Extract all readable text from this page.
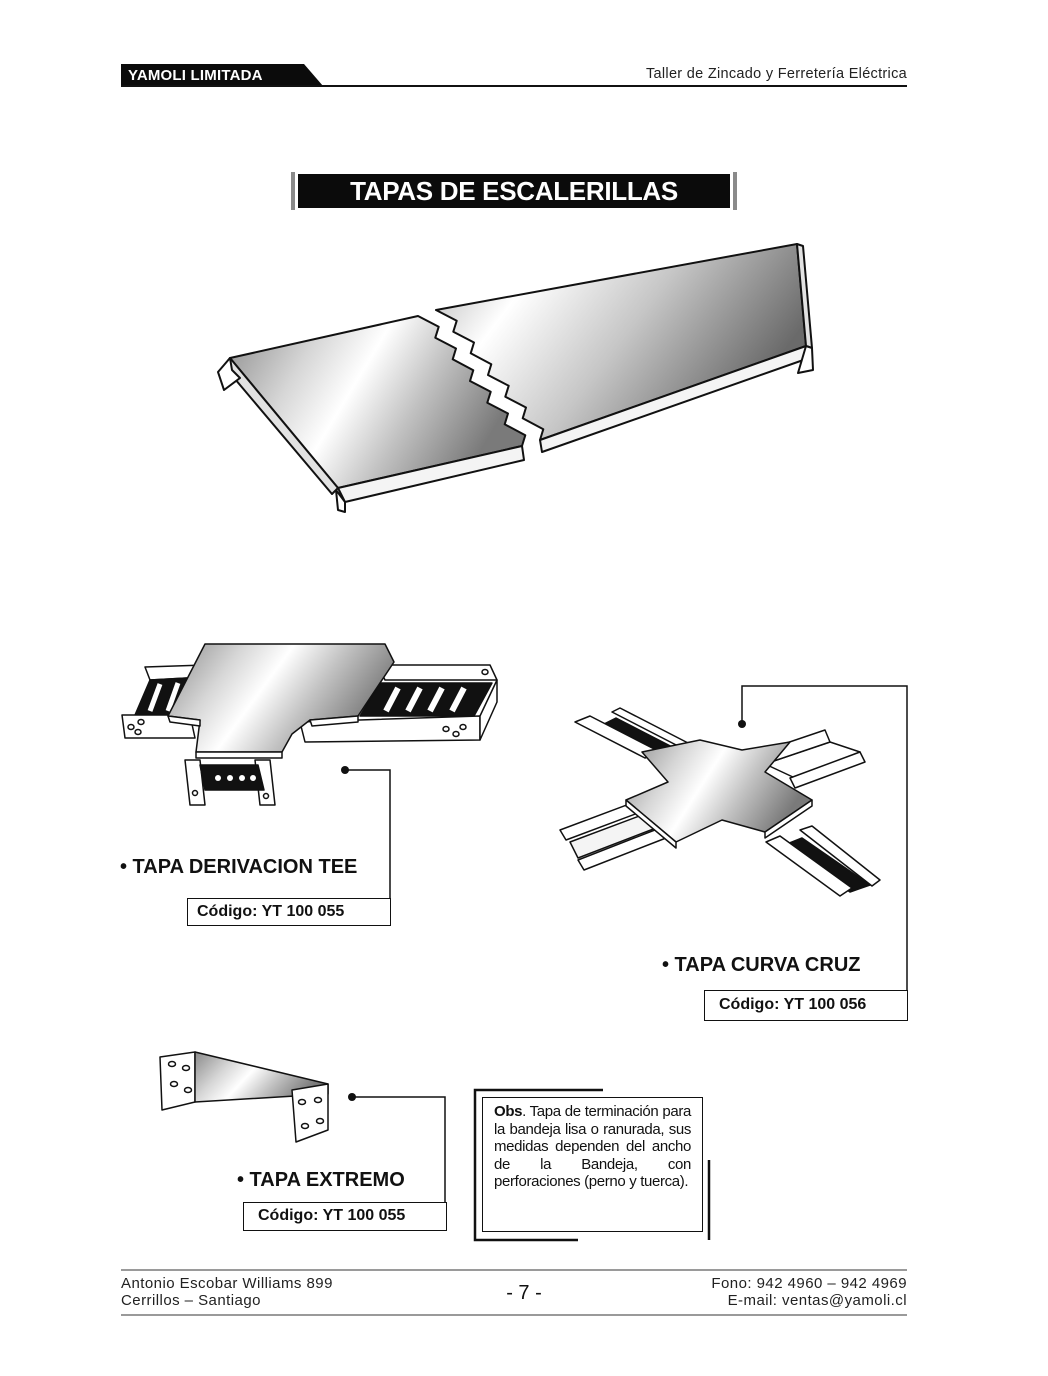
YAMOLI LIMITADA	Taller de Zincado y Ferretería Eléctrica
TAPAS DE ESCALERILLAS
• TAPA DERIVACION TEE
Código: YT 100 055
• TAPA CURVA CRUZ
Código: YT 100 056
• TAPA EXTREMO
Código: YT 100 055

Obs. Tapa de terminación para la bandeja lisa o ranurada, sus medidas dependen del ancho de la Bandeja, con perforaciones (perno y tuerca).

Antonio Escobar Williams 899
Cerrillos – Santiago	- 7 -	Fono: 942 4960 – 942 4969
E-mail: ventas@yamoli.cl
